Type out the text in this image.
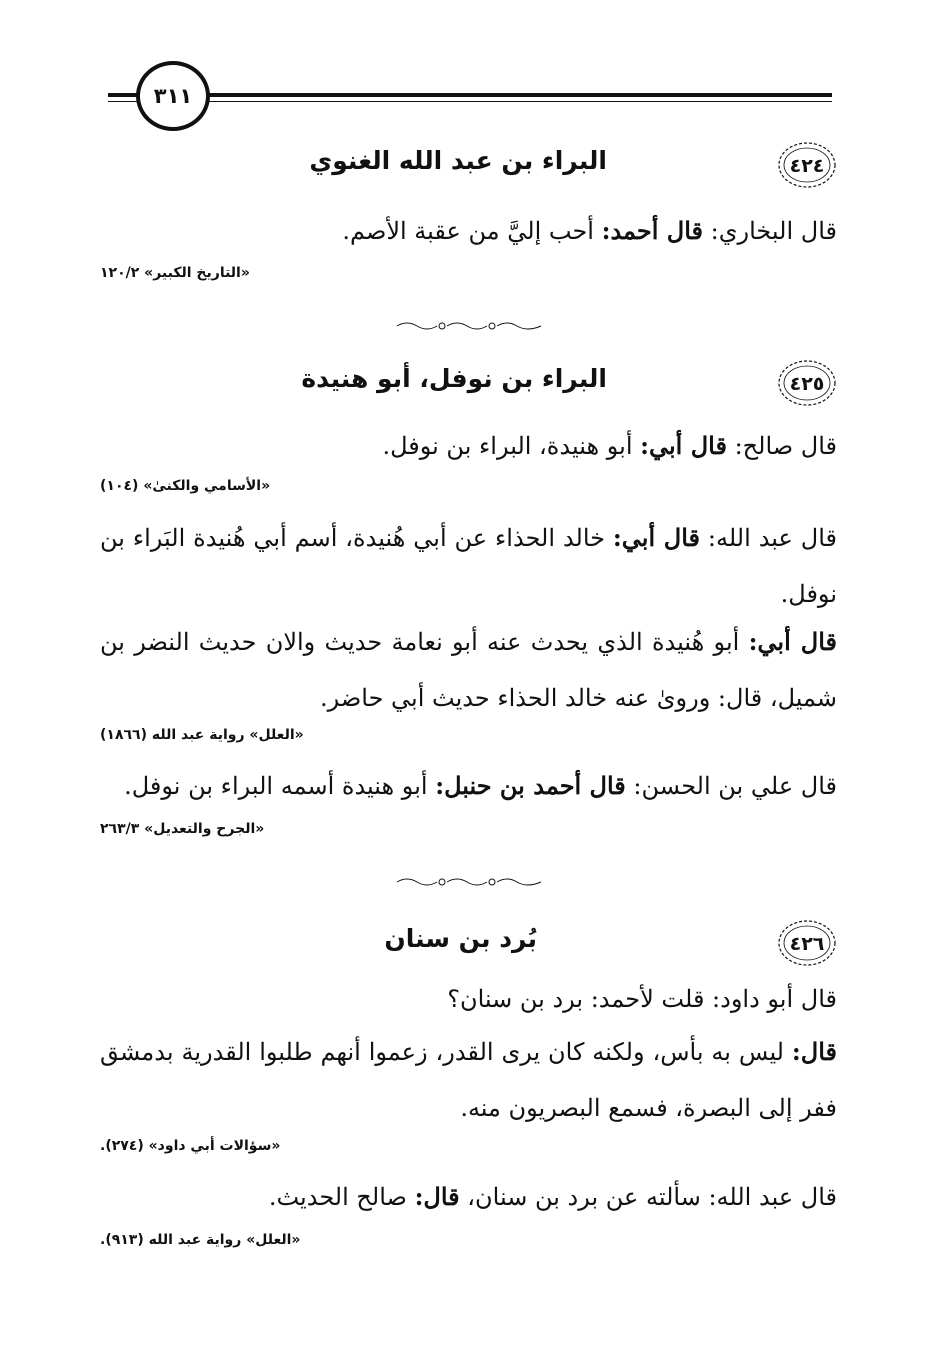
٣١١
٤٢٤
البراء بن عبد الله الغنوي
قال البخاري: قال أحمد: أحب إليَّ من عقبة الأصم.
«التاريخ الكبير» ١٢٠/٢
٤٢٥
البراء بن نوفل، أبو هنيدة
قال صالح: قال أبي: أبو هنيدة، البراء بن نوفل.
«الأسامي والكنىٰ» (١٠٤)
قال عبد الله: قال أبي: خالد الحذاء عن أبي هُنيدة، أسم أبي هُنيدة البَراء بن نوفل.
قال أبي: أبو هُنيدة الذي يحدث عنه أبو نعامة حديث والان حديث النضر بن شميل، قال: وروىٰ عنه خالد الحذاء حديث أبي حاضر.
«العلل» رواية عبد الله (١٨٦٦)
قال علي بن الحسن: قال أحمد بن حنبل: أبو هنيدة أسمه البراء بن نوفل.
«الجرح والتعديل» ٢٦٣/٣
٤٢٦
بُرد بن سنان
قال أبو داود: قلت لأحمد: برد بن سنان؟
قال: ليس به بأس، ولكنه كان يرى القدر، زعموا أنهم طلبوا القدرية بدمشق ففر إلى البصرة، فسمع البصريون منه.
«سؤالات أبي داود» (٢٧٤).
قال عبد الله: سألته عن برد بن سنان، قال: صالح الحديث.
«العلل» رواية عبد الله (٩١٣).
